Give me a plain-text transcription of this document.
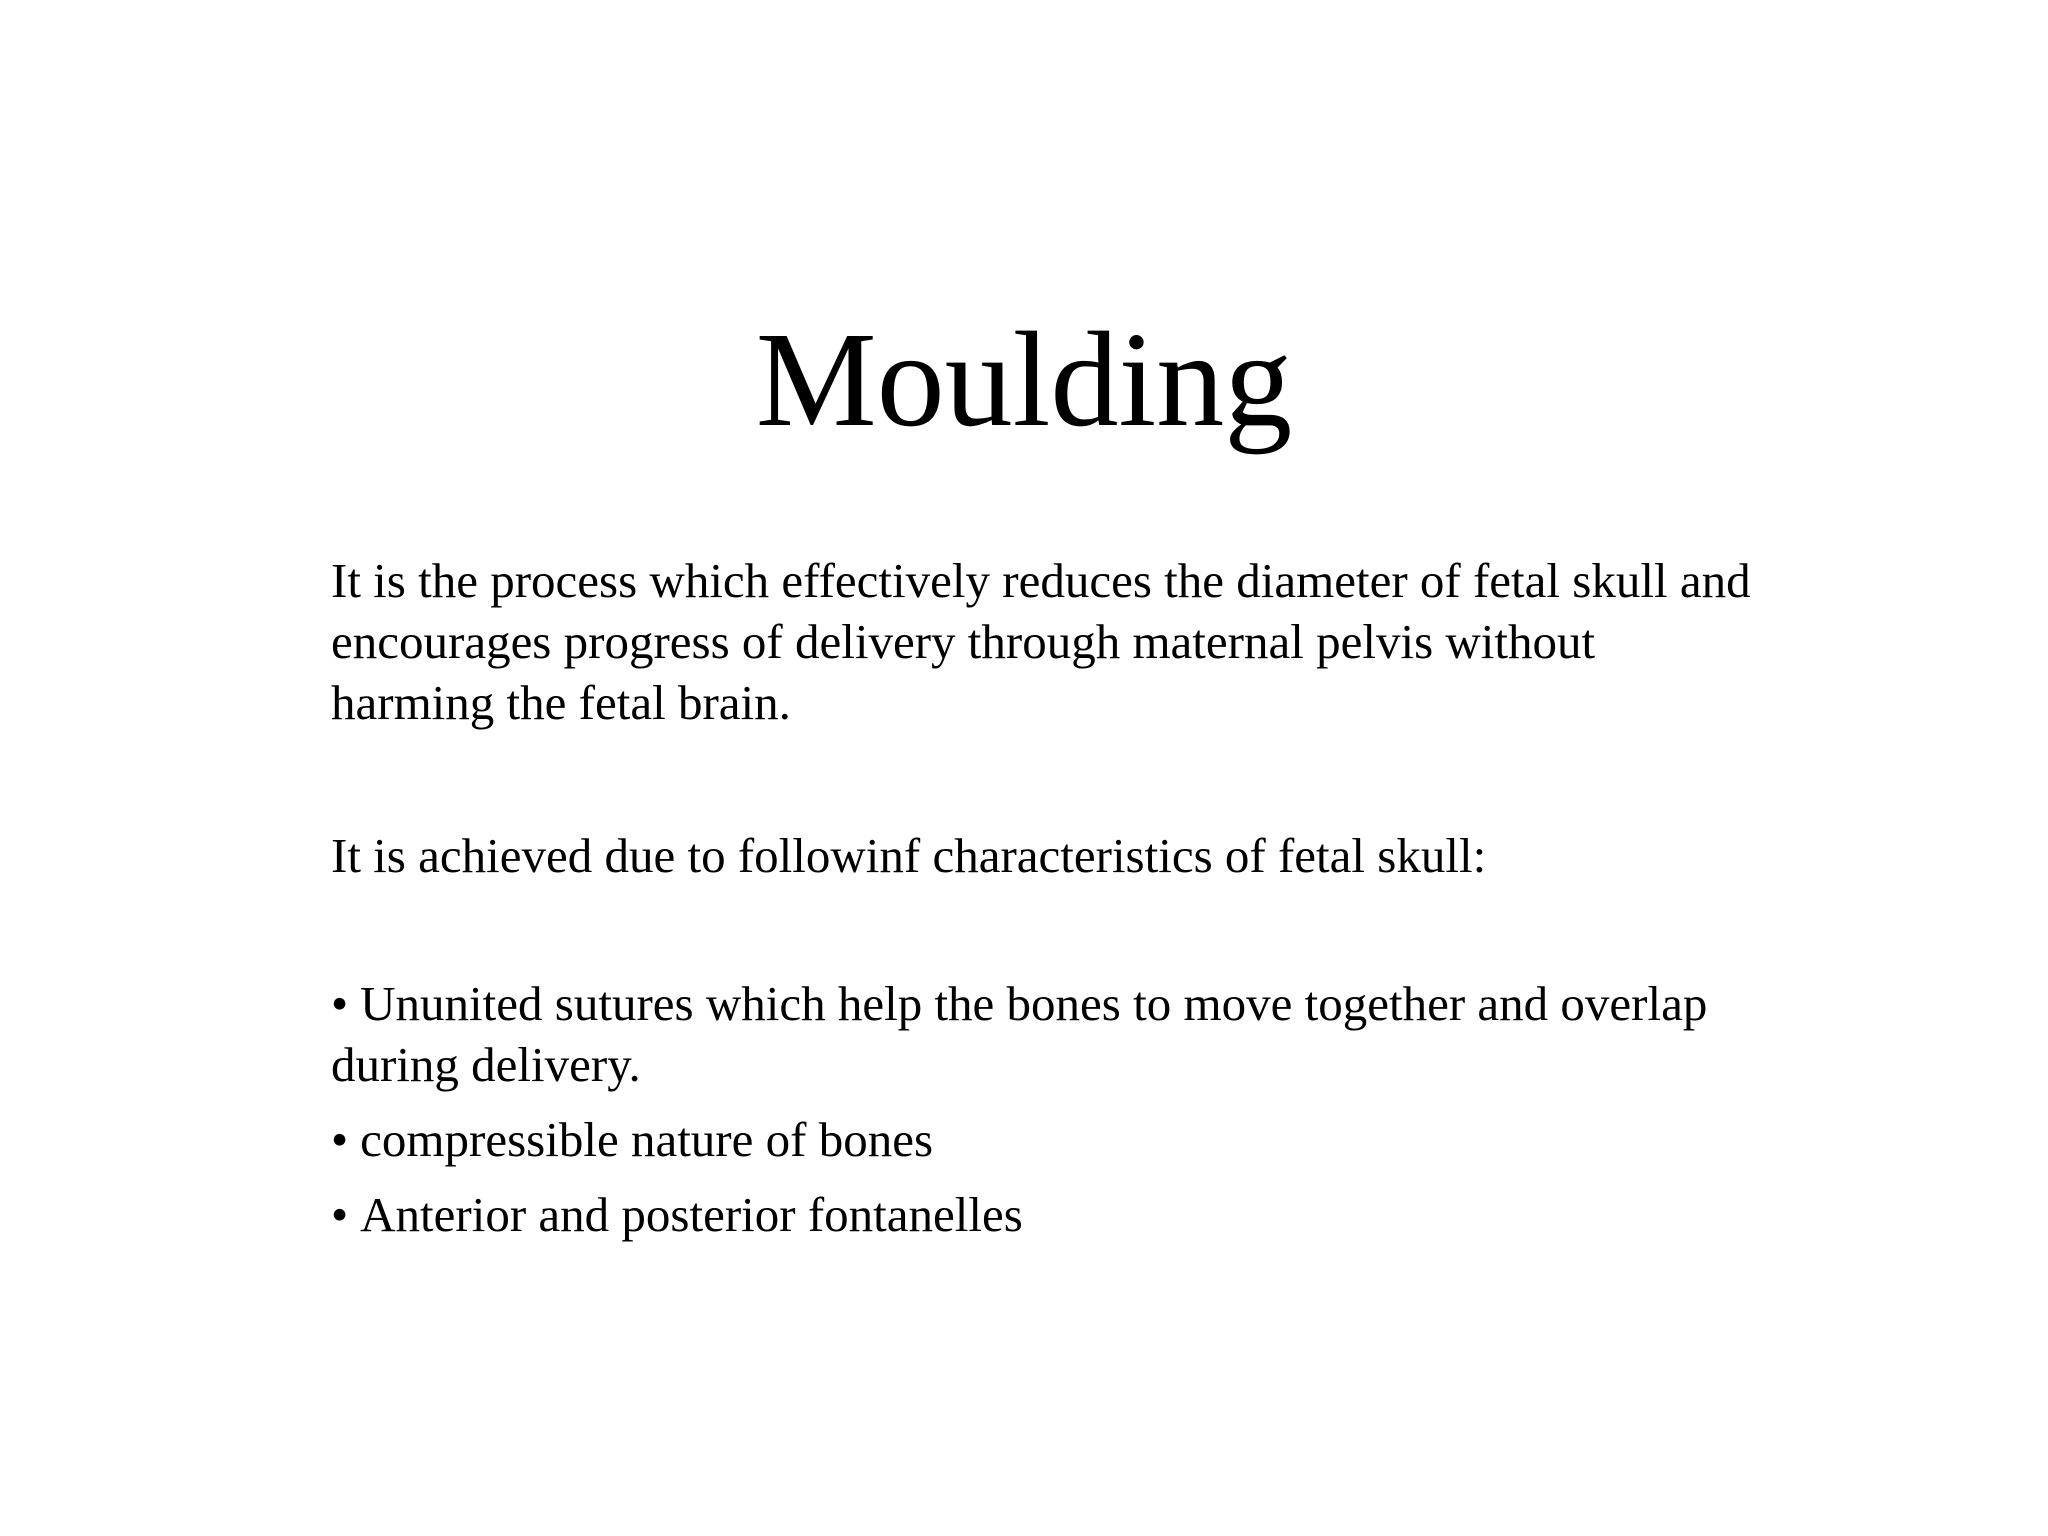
Moulding
It is the process which effectively reduces the diameter of fetal skull and encourages progress of delivery through maternal pelvis without harming the fetal brain.
It is achieved due to followinf characteristics of fetal skull:
• Ununited sutures which help the bones to move together and overlap during delivery.
• compressible nature of bones
• Anterior and posterior fontanelles
